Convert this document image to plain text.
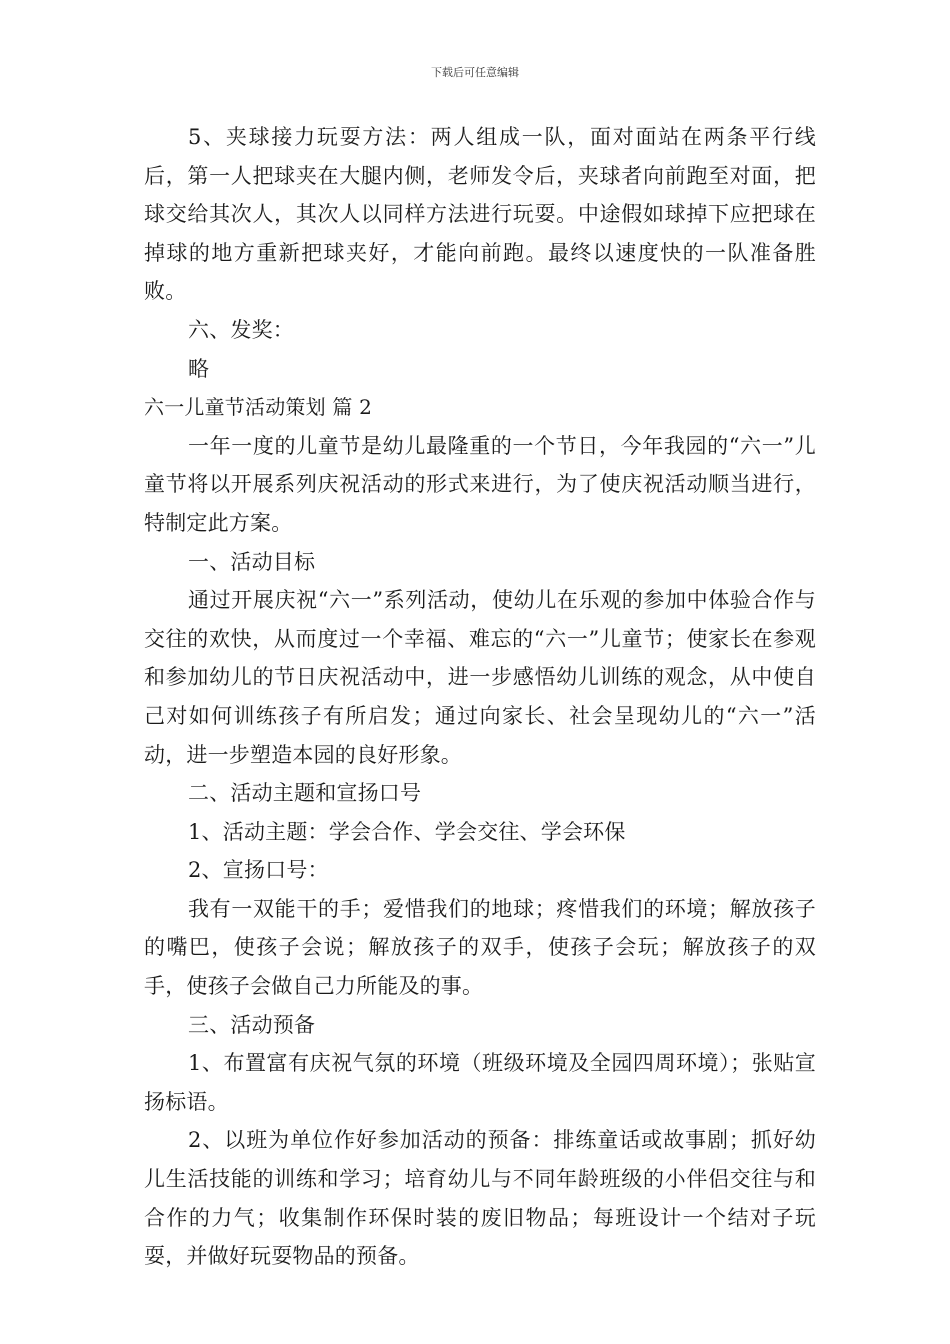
下载后可任意编辑

5、夹球接力玩耍方法：两人组成一队，面对面站在两条平行线后，第一人把球夹在大腿内侧，老师发令后，夹球者向前跑至对面，把球交给其次人，其次人以同样方法进行玩耍。中途假如球掉下应把球在掉球的地方重新把球夹好，才能向前跑。最终以速度快的一队准备胜败。

六、发奖：

略

六一儿童节活动策划 篇 2

一年一度的儿童节是幼儿最隆重的一个节日，今年我园的“六一”儿童节将以开展系列庆祝活动的形式来进行，为了使庆祝活动顺当进行，特制定此方案。

一、活动目标

通过开展庆祝“六一”系列活动，使幼儿在乐观的参加中体验合作与交往的欢快，从而度过一个幸福、难忘的“六一”儿童节；使家长在参观和参加幼儿的节日庆祝活动中，进一步感悟幼儿训练的观念，从中使自己对如何训练孩子有所启发；通过向家长、社会呈现幼儿的“六一”活动，进一步塑造本园的良好形象。

二、活动主题和宣扬口号

1、活动主题：学会合作、学会交往、学会环保

2、宣扬口号：

我有一双能干的手；爱惜我们的地球；疼惜我们的环境；解放孩子的嘴巴，使孩子会说；解放孩子的双手，使孩子会玩；解放孩子的双手，使孩子会做自己力所能及的事。

三、活动预备

1、布置富有庆祝气氛的环境（班级环境及全园四周环境）；张贴宣扬标语。

2、以班为单位作好参加活动的预备：排练童话或故事剧；抓好幼儿生活技能的训练和学习；培育幼儿与不同年龄班级的小伴侣交往与和合作的力气；收集制作环保时装的废旧物品；每班设计一个结对子玩耍，并做好玩耍物品的预备。
